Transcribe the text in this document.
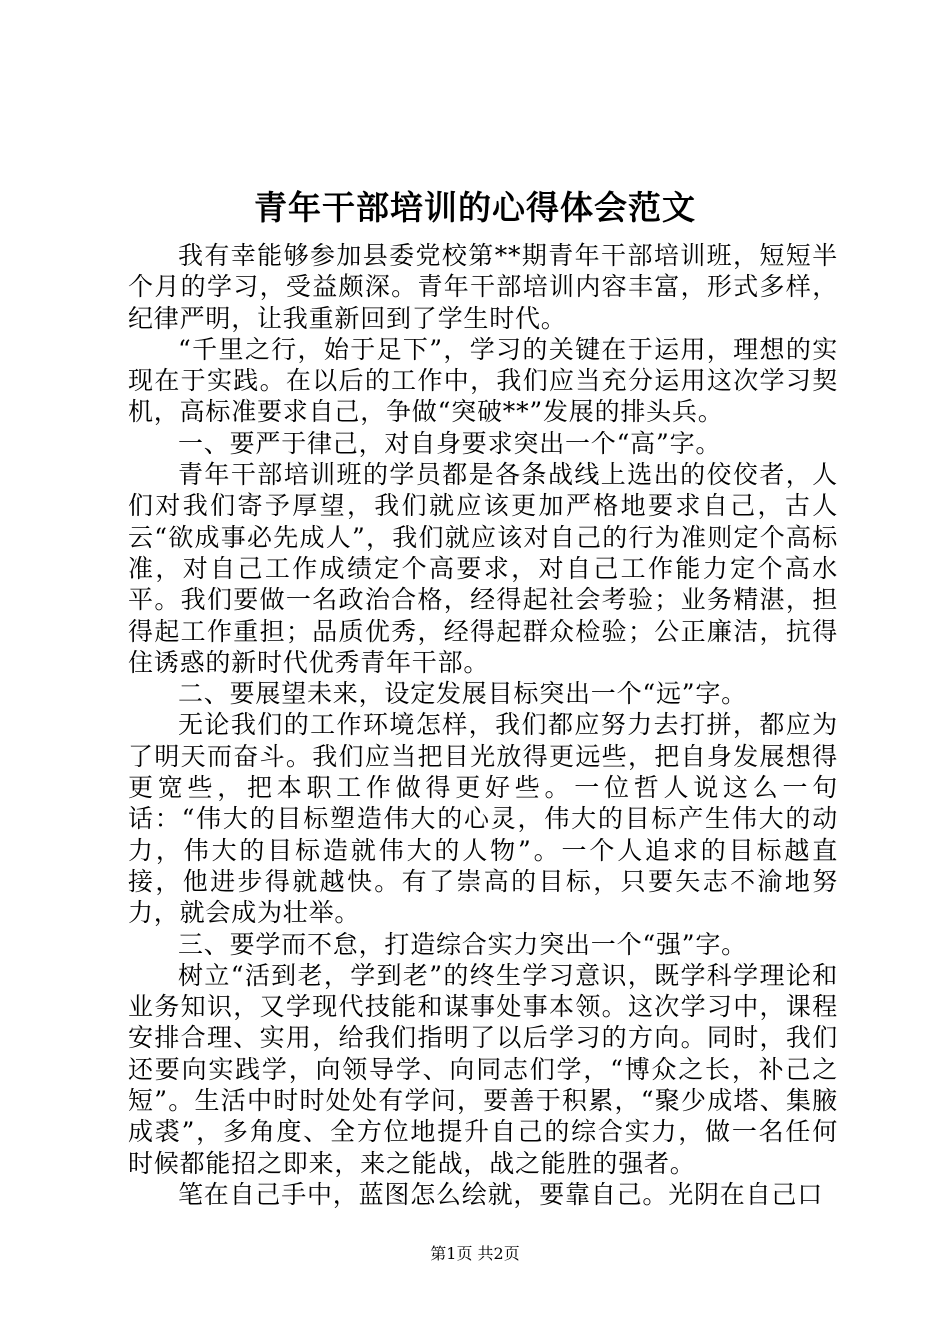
青年干部培训的心得体会范文

我有幸能够参加县委党校第**期青年干部培训班，短短半个月的学习，受益颇深。青年干部培训内容丰富，形式多样，纪律严明，让我重新回到了学生时代。

“千里之行，始于足下”，学习的关键在于运用，理想的实现在于实践。在以后的工作中，我们应当充分运用这次学习契机，高标准要求自己，争做“突破**”发展的排头兵。

一、要严于律己，对自身要求突出一个“高”字。

青年干部培训班的学员都是各条战线上选出的佼佼者，人们对我们寄予厚望，我们就应该更加严格地要求自己，古人云“欲成事必先成人”，我们就应该对自己的行为准则定个高标准，对自己工作成绩定个高要求，对自己工作能力定个高水平。我们要做一名政治合格，经得起社会考验；业务精湛，担得起工作重担；品质优秀，经得起群众检验；公正廉洁，抗得住诱惑的新时代优秀青年干部。

二、要展望未来，设定发展目标突出一个“远”字。

无论我们的工作环境怎样，我们都应努力去打拼，都应为了明天而奋斗。我们应当把目光放得更远些，把自身发展想得更宽些，把本职工作做得更好些。一位哲人说这么一句话：“伟大的目标塑造伟大的心灵，伟大的目标产生伟大的动力，伟大的目标造就伟大的人物”。一个人追求的目标越直接，他进步得就越快。有了崇高的目标，只要矢志不渝地努力，就会成为壮举。

三、要学而不怠，打造综合实力突出一个“强”字。

树立“活到老，学到老”的终生学习意识，既学科学理论和业务知识，又学现代技能和谋事处事本领。这次学习中，课程安排合理、实用，给我们指明了以后学习的方向。同时，我们还要向实践学，向领导学、向同志们学，“博众之长，补己之短”。生活中时时处处有学问，要善于积累，“聚少成塔、集腋成裘”，多角度、全方位地提升自己的综合实力，做一名任何时候都能招之即来，来之能战，战之能胜的强者。

笔在自己手中，蓝图怎么绘就，要靠自己。光阴在自己口

第1页 共2页
